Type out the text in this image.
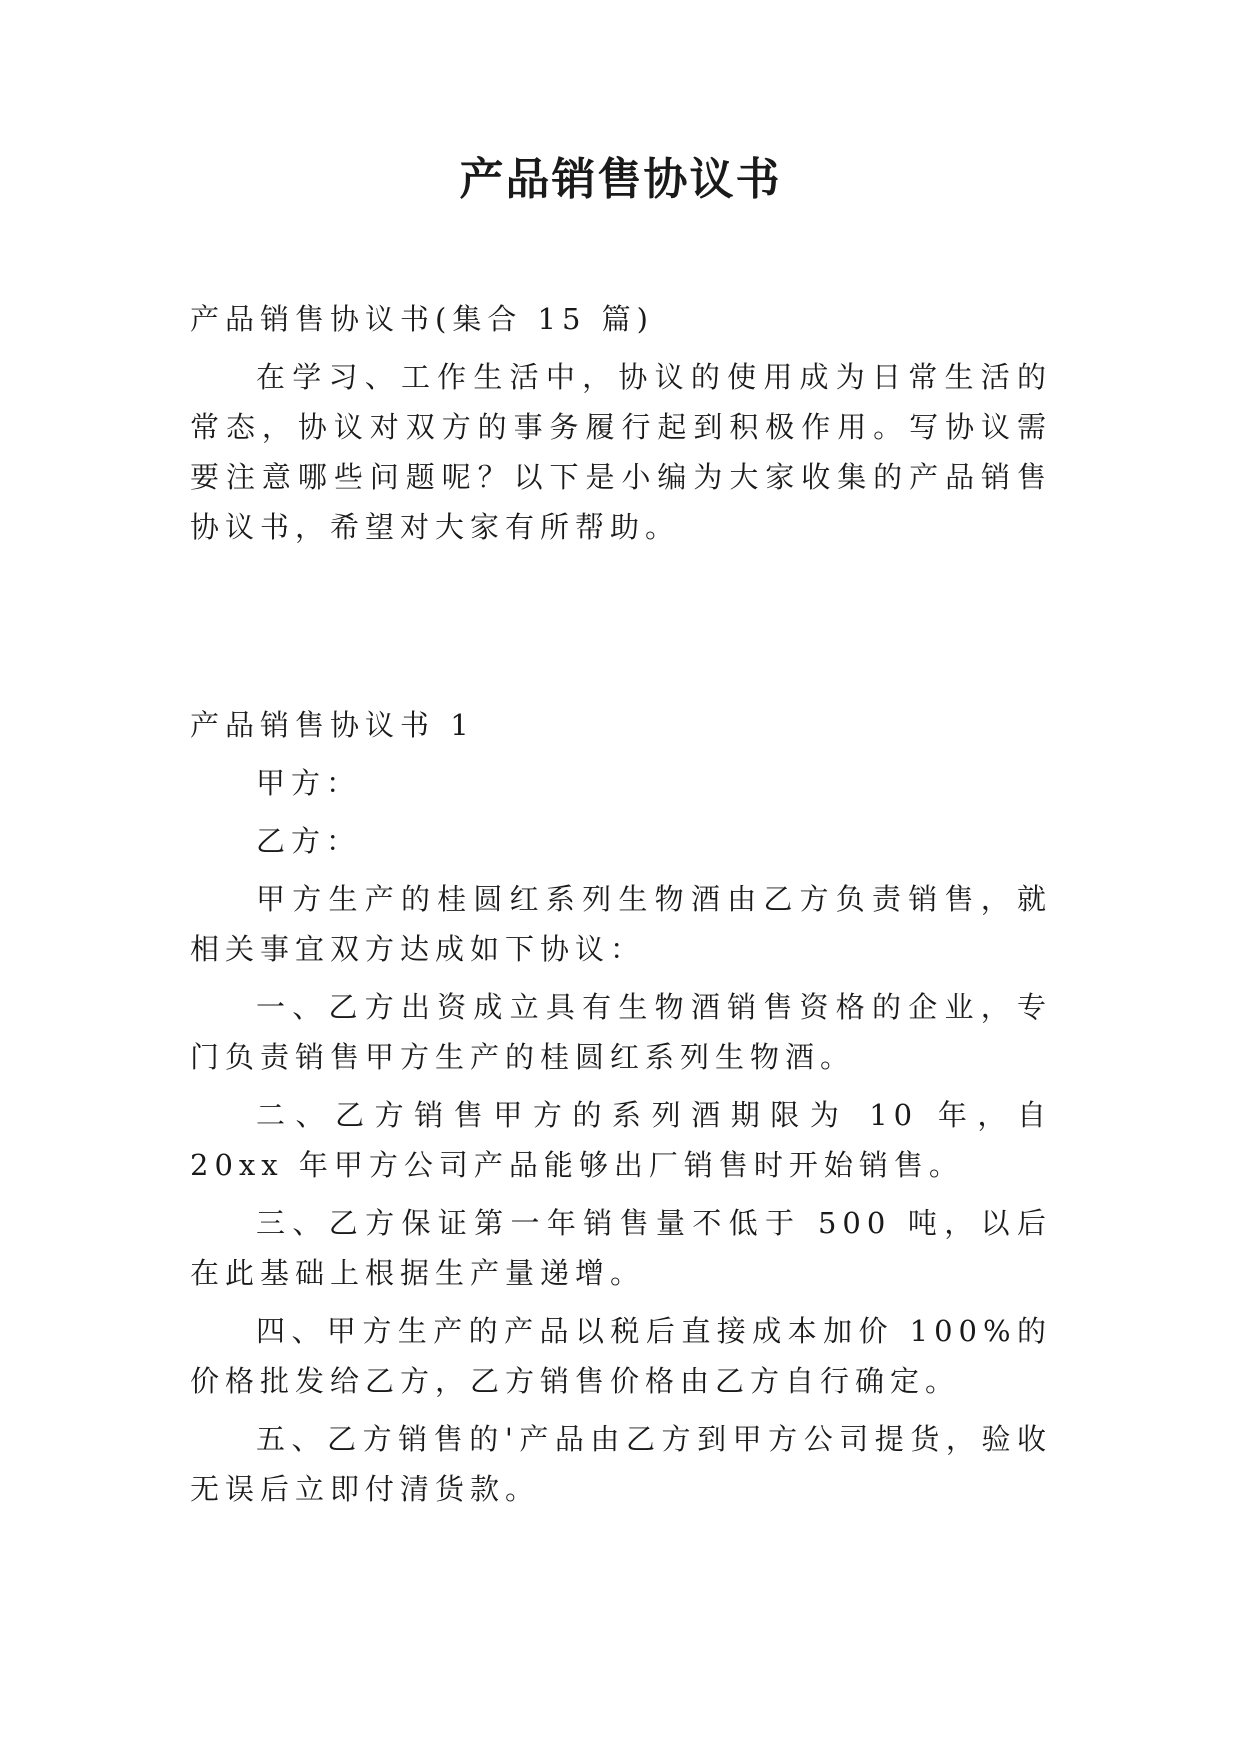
产品销售协议书

产品销售协议书(集合 15 篇)

在学习、工作生活中，协议的使用成为日常生活的常态，协议对双方的事务履行起到积极作用。写协议需要注意哪些问题呢？以下是小编为大家收集的产品销售协议书，希望对大家有所帮助。

产品销售协议书 1

甲方：

乙方：

甲方生产的桂圆红系列生物酒由乙方负责销售，就相关事宜双方达成如下协议：

一、乙方出资成立具有生物酒销售资格的企业，专门负责销售甲方生产的桂圆红系列生物酒。

二、乙方销售甲方的系列酒期限为 10 年，自 20xx 年甲方公司产品能够出厂销售时开始销售。

三、乙方保证第一年销售量不低于 500 吨，以后在此基础上根据生产量递增。

四、甲方生产的产品以税后直接成本加价 100%的价格批发给乙方，乙方销售价格由乙方自行确定。

五、乙方销售的'产品由乙方到甲方公司提货，验收无误后立即付清货款。
